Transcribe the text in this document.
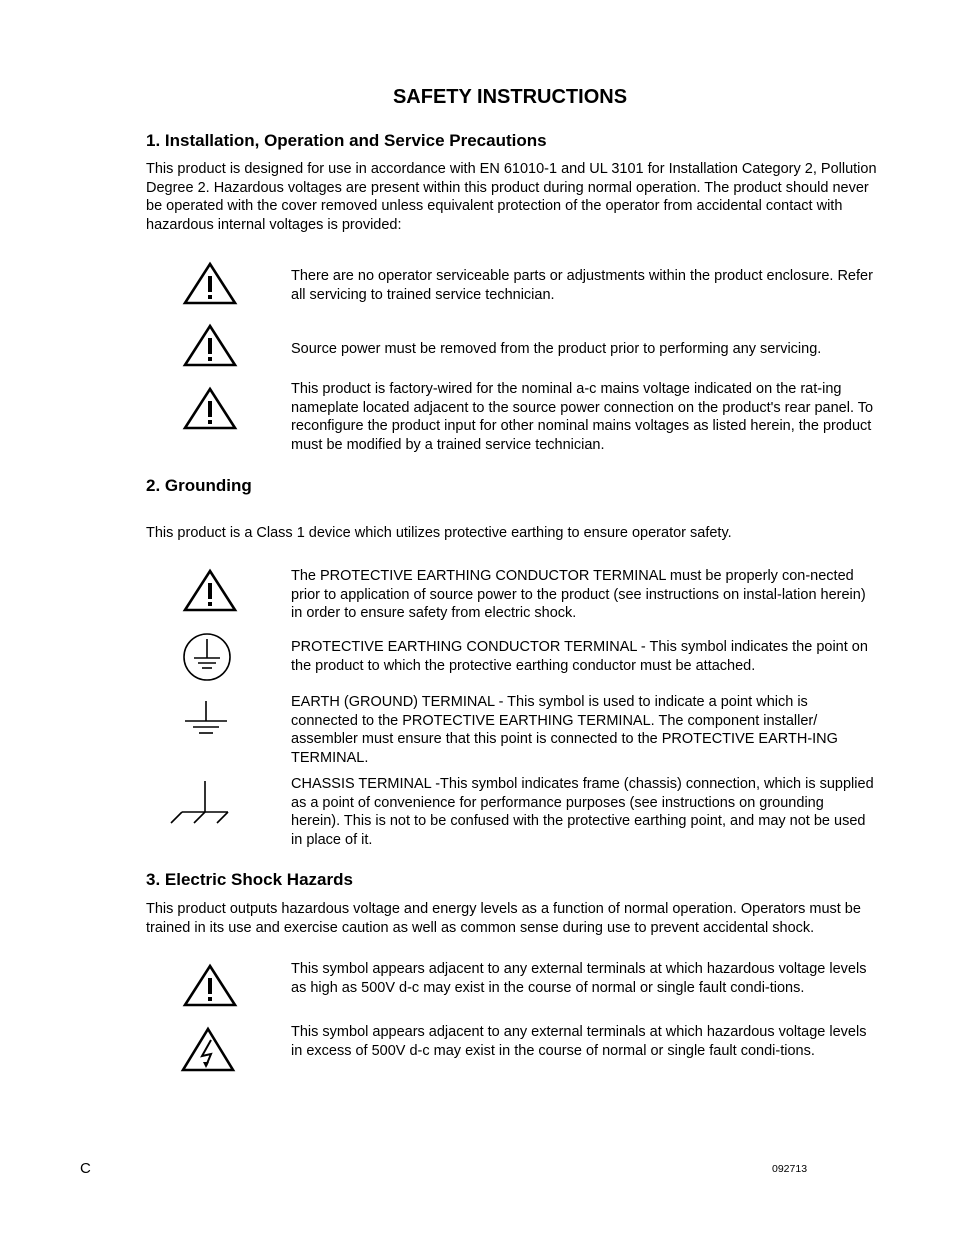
SAFETY INSTRUCTIONS
1. Installation, Operation and Service Precautions

This product is designed for use in accordance with EN 61010-1 and UL 3101 for Installation Category 2, Pollution Degree 2. Hazardous voltages are present within this product during normal operation. The product should never be operated with the cover removed unless equivalent protection of the operator from accidental contact with hazardous internal voltages is provided:

There are no operator serviceable parts or adjustments within the product enclosure. Refer all servicing to trained service technician.

Source power must be removed from the product prior to performing any servicing.

This product is factory-wired for the nominal a-c mains voltage indicated on the rat-ing nameplate located adjacent to the source power connection on the product's rear panel. To reconfigure the product input for other nominal mains voltages as listed herein, the product must be modified by a trained service technician.

2. Grounding

This product is a Class 1 device which utilizes protective earthing to ensure operator safety.

The PROTECTIVE EARTHING CONDUCTOR TERMINAL must be properly con-nected prior to application of source power to the product (see instructions on instal-lation herein) in order to ensure safety from electric shock.

PROTECTIVE EARTHING CONDUCTOR TERMINAL - This symbol indicates the point on the product to which the protective earthing conductor must be attached.

EARTH (GROUND) TERMINAL - This symbol is used to indicate a point which is connected to the PROTECTIVE EARTHING TERMINAL. The component installer/ assembler must ensure that this point is connected to the PROTECTIVE EARTH-ING TERMINAL.

CHASSIS TERMINAL -This symbol indicates frame (chassis) connection, which is supplied as a point of convenience for performance purposes (see instructions on grounding herein). This is not to be confused with the protective earthing point, and may not be used in place of it.

3. Electric Shock Hazards

This product outputs hazardous voltage and energy levels as a function of normal operation. Operators must be trained in its use and exercise caution as well as common sense during use to prevent accidental shock.

This symbol appears adjacent to any external terminals at which hazardous voltage levels as high as 500V d-c may exist in the course of normal or single fault condi-tions.

This symbol appears adjacent to any external terminals at which hazardous voltage levels in excess of 500V d-c may exist in the course of normal or single fault condi-tions.

C	092713
